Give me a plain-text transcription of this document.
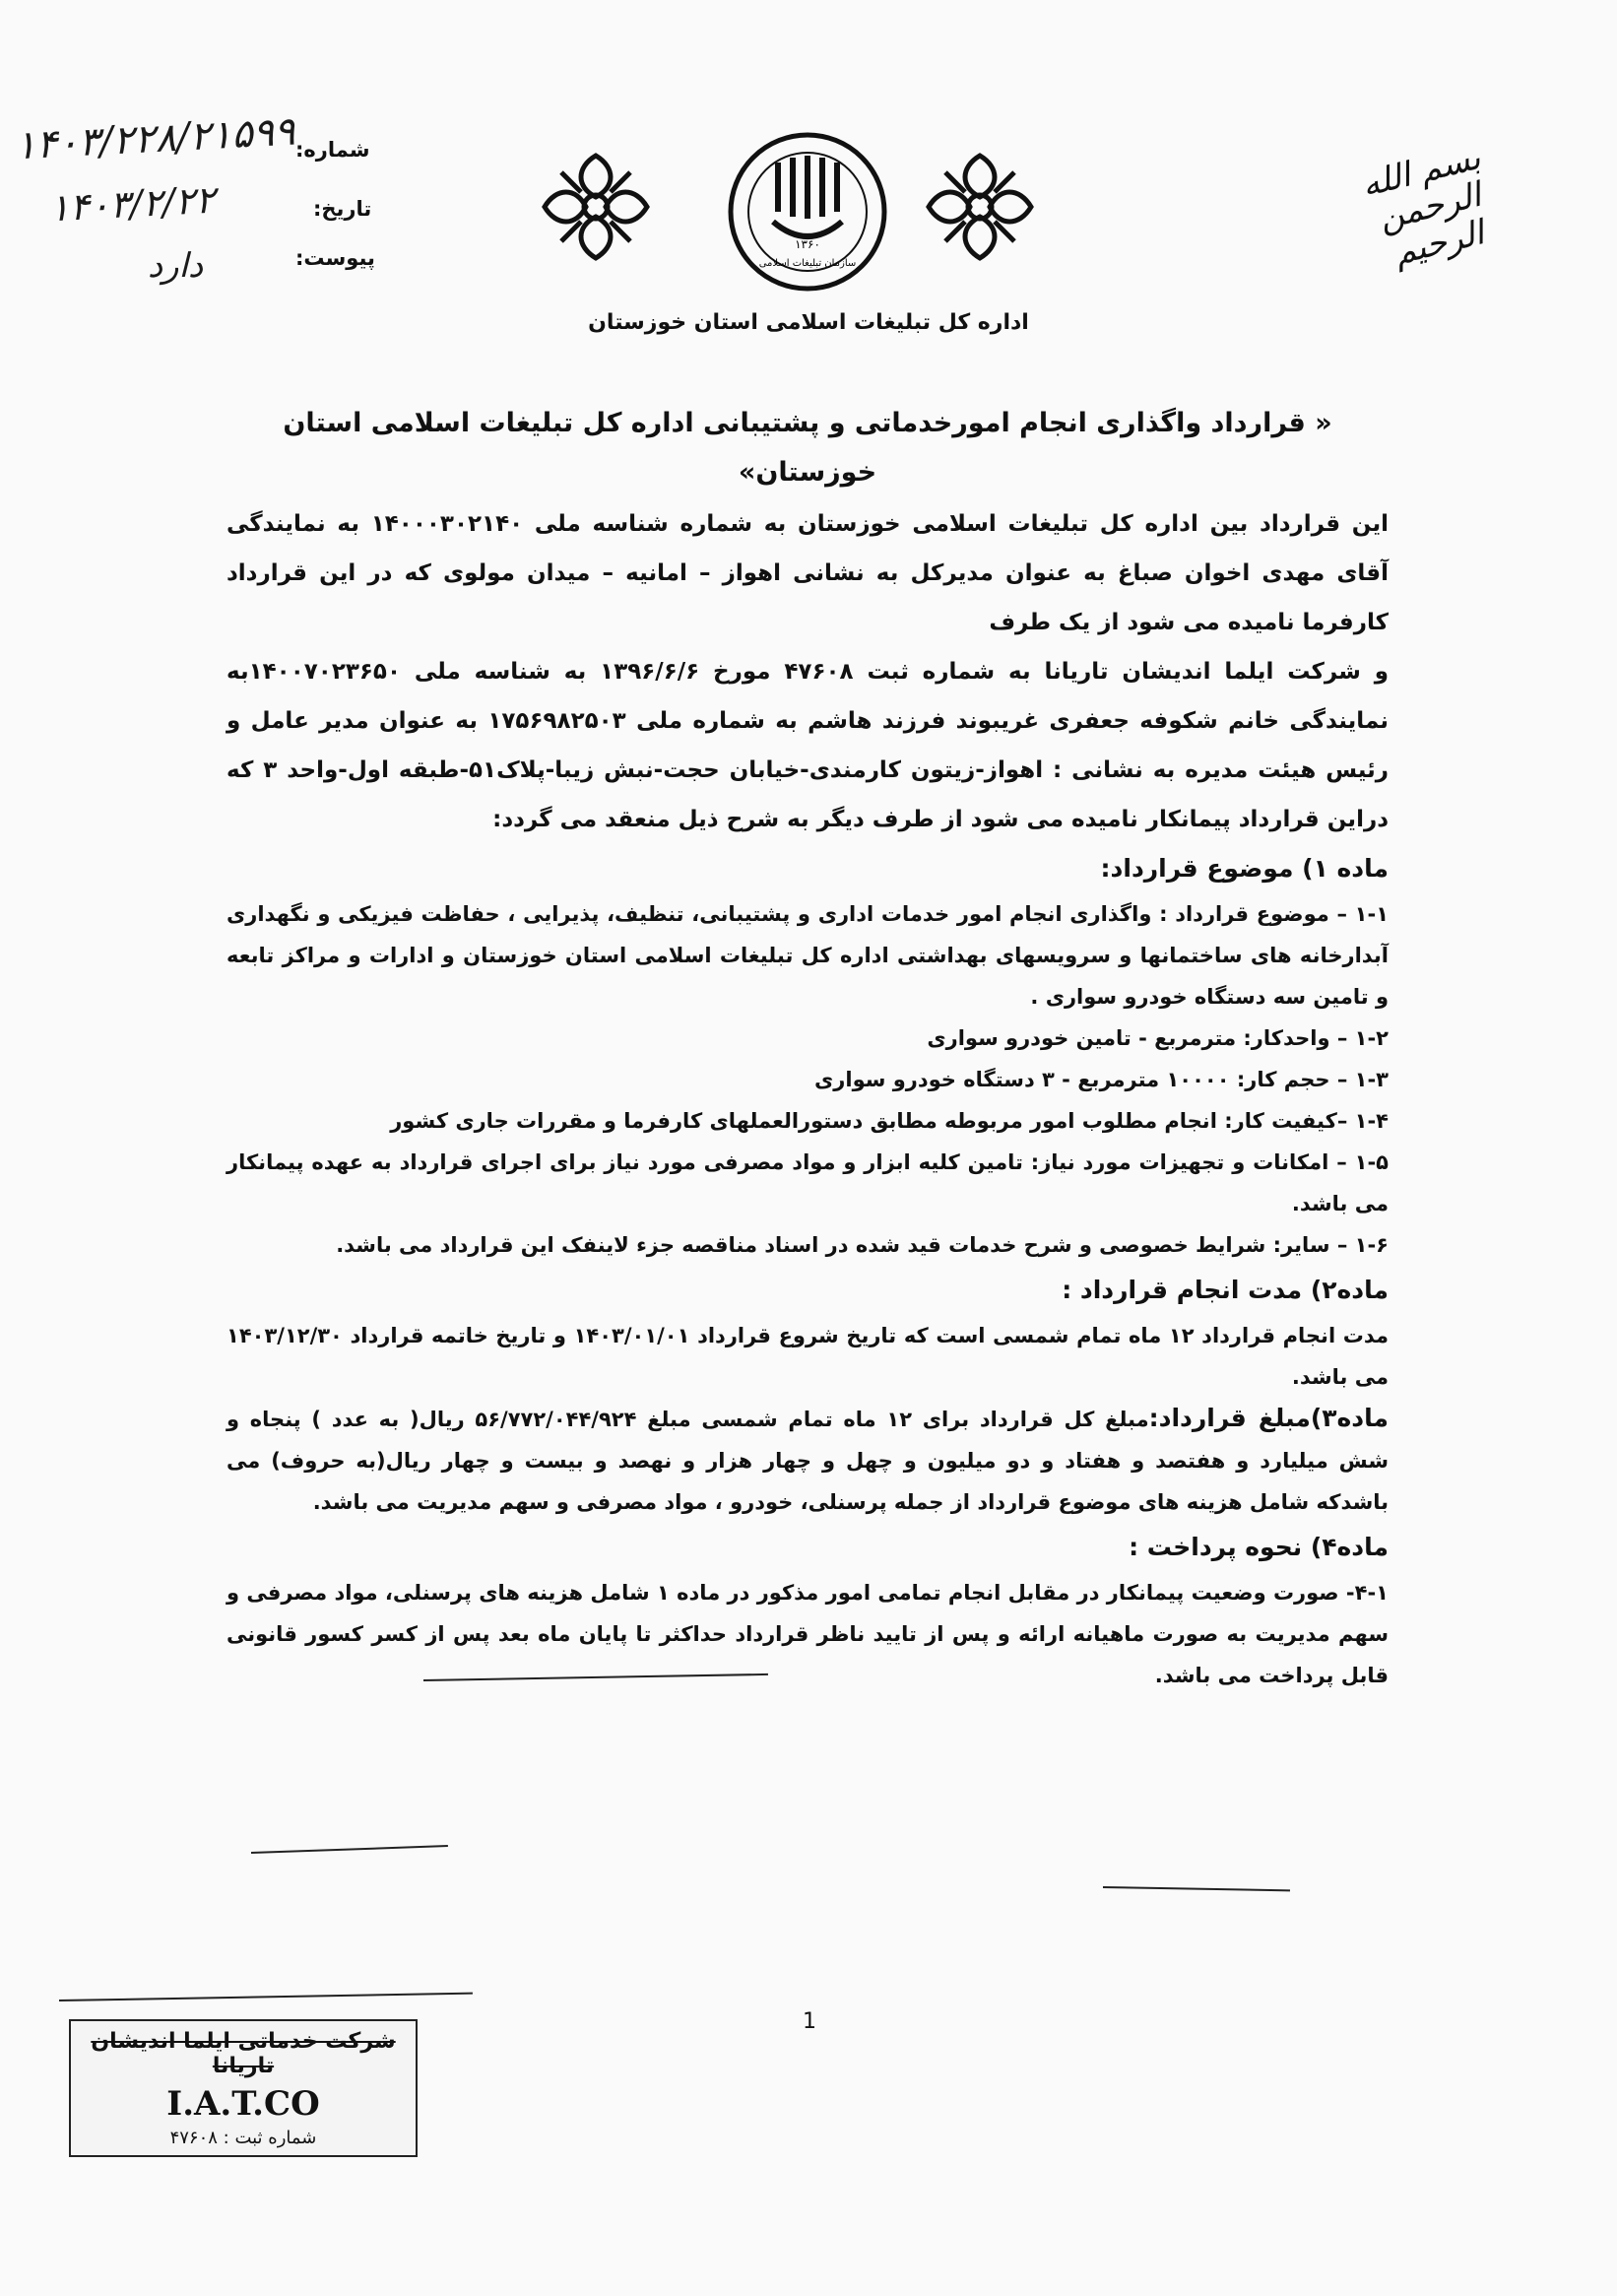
بسم الله الرحمن الرحیم
۱۳۶۰
سازمان تبلیغات اسلامی
شماره:
تاریخ:
پیوست:
۱۴۰۳/۲۲۸/۲۱۵۹۹
۱۴۰۳/۲/۲۲
دارد
اداره کل تبلیغات اسلامی استان خوزستان

« قرارداد واگذاری انجام امورخدماتی و پشتیبانی اداره کل تبلیغات اسلامی استان خوزستان»

این قرارداد بین اداره کل تبلیغات اسلامی خوزستان به شماره شناسه ملی ۱۴۰۰۰۳۰۲۱۴۰ به نمایندگی آقای مهدی اخوان صباغ به عنوان مدیرکل به نشانی اهواز – امانیه – میدان مولوی که در این قرارداد کارفرما نامیده می شود از یک طرف

و شرکت ایلما اندیشان تاریانا به شماره ثبت ۴۷۶۰۸ مورخ ۱۳۹۶/۶/۶ به شناسه ملی ۱۴۰۰۷۰۲۳۶۵۰به نمایندگی خانم شکوفه جعفری غریبوند فرزند هاشم به شماره ملی ۱۷۵۶۹۸۲۵۰۳ به عنوان مدیر عامل و رئیس هیئت مدیره به نشانی : اهواز-زیتون کارمندی-خیابان حجت-نبش زیبا-پلاک۵۱-طبقه اول-واحد ۳ که دراین قرارداد پیمانکار نامیده می شود از طرف دیگر به شرح ذیل منعقد می گردد:

ماده ۱) موضوع قرارداد:

۱-۱ – موضوع قرارداد : واگذاری انجام امور خدمات اداری و پشتیبانی، تنظیف، پذیرایی ، حفاظت فیزیکی و نگهداری آبدارخانه های ساختمانها و سرویسهای بهداشتی اداره کل تبلیغات اسلامی استان خوزستان و ادارات و مراکز تابعه و تامین سه دستگاه خودرو سواری .

۱-۲ – واحدکار: مترمربع - تامین خودرو سواری

۱-۳ – حجم کار: ۱۰۰۰۰ مترمربع - ۳ دستگاه خودرو سواری

۱-۴ –کیفیت کار: انجام مطلوب امور مربوطه مطابق دستورالعملهای کارفرما و مقررات جاری کشور

۱-۵ – امکانات و تجهیزات مورد نیاز: تامین کلیه ابزار و مواد مصرفی مورد نیاز برای اجرای قرارداد به عهده پیمانکار می باشد.

۱-۶ – سایر: شرایط خصوصی و شرح خدمات قید شده در اسناد مناقصه جزء لاینفک این قرارداد می باشد.

ماده۲) مدت انجام قرارداد :

مدت انجام قرارداد ۱۲ ماه تمام شمسی است که تاریخ شروع قرارداد ۱۴۰۳/۰۱/۰۱ و تاریخ خاتمه قرارداد ۱۴۰۳/۱۲/۳۰ می باشد.

ماده۳)مبلغ قرارداد:مبلغ کل قرارداد برای ۱۲ ماه تمام شمسی مبلغ ۵۶/۷۷۲/۰۴۴/۹۲۴ ریال( به عدد ) پنجاه و شش میلیارد و هفتصد و هفتاد و دو میلیون و چهل و چهار هزار و نهصد و بیست و چهار ریال(به حروف) می باشدکه شامل هزینه های موضوع قرارداد از جمله پرسنلی، خودرو ، مواد مصرفی و سهم مدیریت می باشد.

ماده۴) نحوه پرداخت :

۴-۱- صورت وضعیت پیمانکار در مقابل انجام تمامی امور مذکور در ماده ۱ شامل هزینه های پرسنلی، مواد مصرفی و سهم مدیریت به صورت ماهیانه ارائه و پس از تایید ناظر قرارداد حداکثر تا پایان ماه بعد پس از کسر کسور قانونی قابل پرداخت می باشد.

1
شرکت خدماتی ایلما اندیشان تاریانا
I.A.T.CO
شماره ثبت : ۴۷۶۰۸
